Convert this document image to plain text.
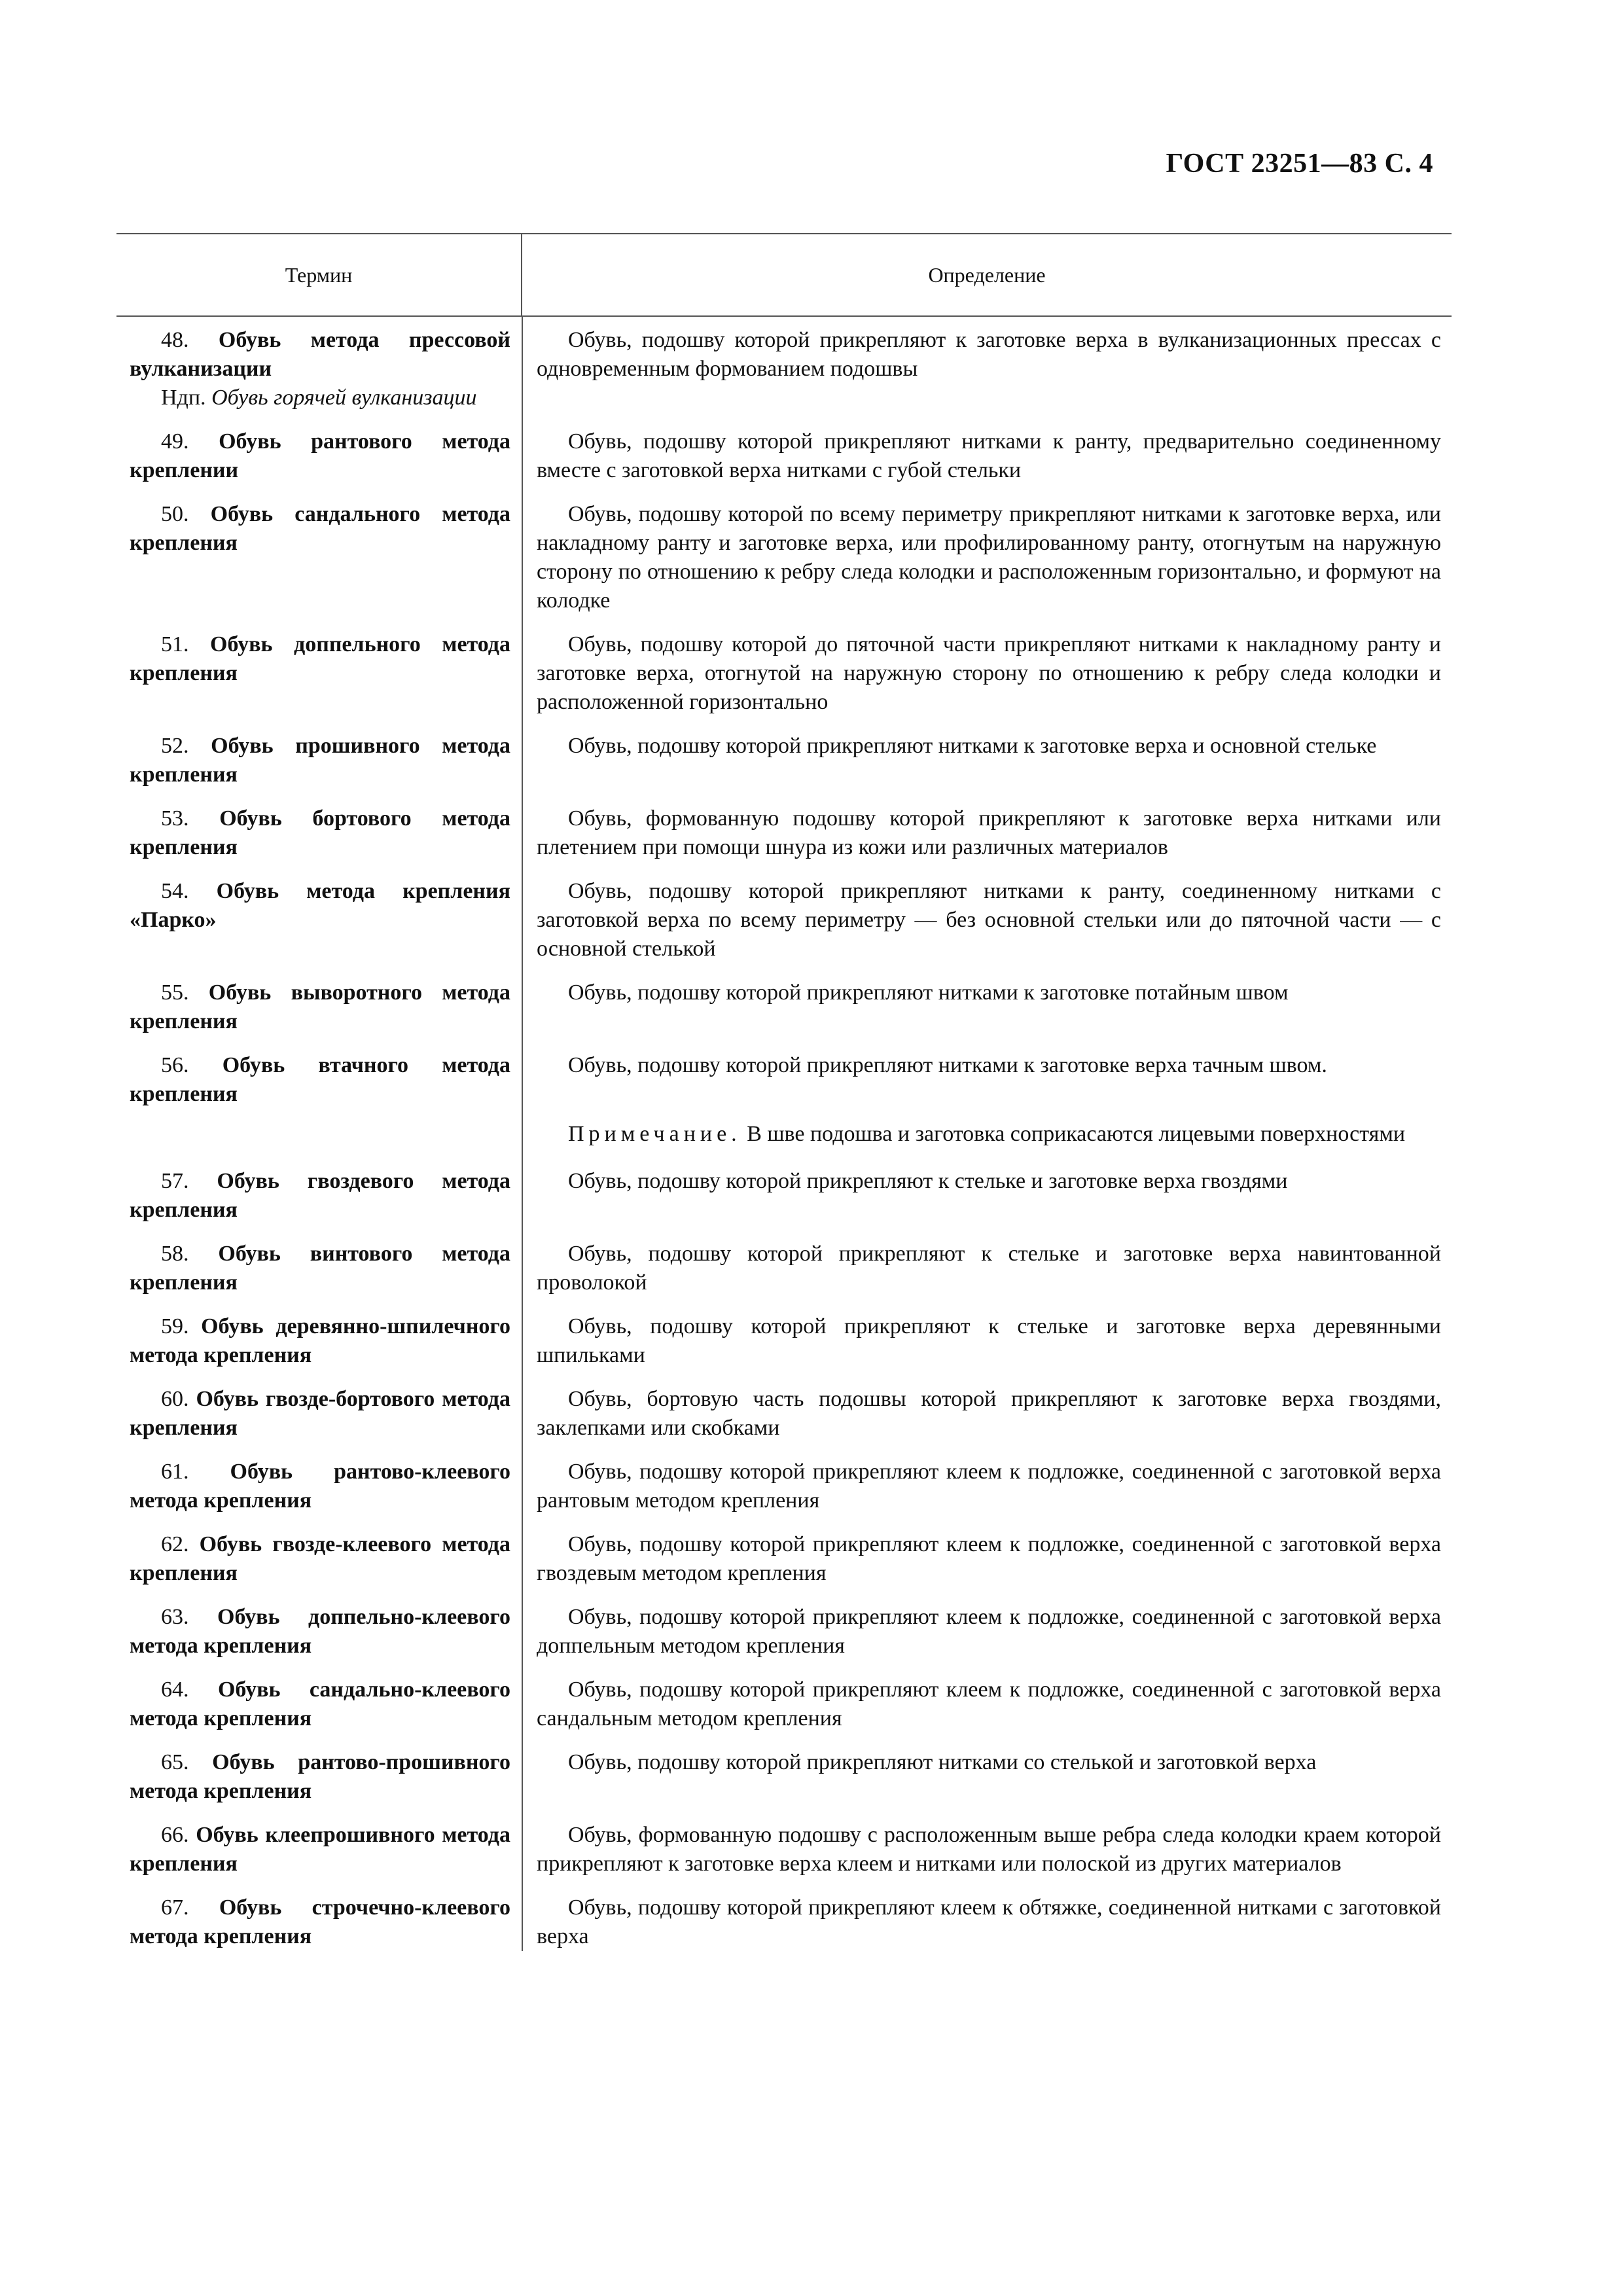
ГОСТ 23251—83 С. 4
Термин	Определение
48. Обувь метода прессовой вулканизации
Ндп. Обувь горячей вулканизации
Обувь, подошву которой прикрепляют к заготовке верха в вулканизационных прессах с одновременным формованием подошвы
49. Обувь рантового метода креплении
Обувь, подошву которой прикрепляют нитками к ранту, предварительно соединенному вместе с заготовкой верха нитками с губой стельки
50. Обувь сандального метода крепления
Обувь, подошву которой по всему периметру прикрепляют нитками к заготовке верха, или накладному ранту и заготовке верха, или профилированному ранту, отогнутым на наружную сторону по отношению к ребру следа колодки и расположенным горизонтально, и формуют на колодке
51. Обувь доппельного метода крепления
Обувь, подошву которой до пяточной части прикрепляют нитками к накладному ранту и заготовке верха, отогнутой на наружную сторону по отношению к ребру следа колодки и расположенной горизонтально
52. Обувь прошивного метода крепления
Обувь, подошву которой прикрепляют нитками к заготовке верха и основной стельке
53. Обувь бортового метода крепления
Обувь, формованную подошву которой прикрепляют к заготовке верха нитками или плетением при помощи шнура из кожи или различных материалов
54. Обувь метода крепления «Парко»
Обувь, подошву которой прикрепляют нитками к ранту, соединенному нитками с заготовкой верха по всему периметру — без основной стельки или до пяточной части — с основной стелькой
55. Обувь выворотного метода крепления
Обувь, подошву которой прикрепляют нитками к заготовке потайным швом
56. Обувь втачного метода крепления
Обувь, подошву которой прикрепляют нитками к заготовке верха тачным швом.
Примечание. В шве подошва и заготовка соприкасаются лицевыми поверхностями
57. Обувь гвоздевого метода крепления
Обувь, подошву которой прикрепляют к стельке и заготовке верха гвоздями
58. Обувь винтового метода крепления
Обувь, подошву которой прикрепляют к стельке и заготовке верха навинтованной проволокой
59. Обувь деревянно-шпилечного метода крепления
Обувь, подошву которой прикрепляют к стельке и заготовке верха деревянными шпильками
60. Обувь гвозде-бортового метода крепления
Обувь, бортовую часть подошвы которой прикрепляют к заготовке верха гвоздями, заклепками или скобками
61. Обувь рантово-клеевого метода крепления
Обувь, подошву которой прикрепляют клеем к подложке, соединенной с заготовкой верха рантовым методом крепления
62. Обувь гвозде-клеевого метода крепления
Обувь, подошву которой прикрепляют клеем к подложке, соединенной с заготовкой верха гвоздевым методом крепления
63. Обувь доппельно-клеевого метода крепления
Обувь, подошву которой прикрепляют клеем к подложке, соединенной с заготовкой верха доппельным методом крепления
64. Обувь сандально-клеевого метода крепления
Обувь, подошву которой прикрепляют клеем к подложке, соединенной с заготовкой верха сандальным методом крепления
65. Обувь рантово-прошивного метода крепления
Обувь, подошву которой прикрепляют нитками со стелькой и заготовкой верха
66. Обувь клеепрошивного метода крепления
Обувь, формованную подошву с расположенным выше ребра следа колодки краем которой прикрепляют к заготовке верха клеем и нитками или полоской из других материалов
67. Обувь строчечно-клеевого метода крепления
Обувь, подошву которой прикрепляют клеем к обтяжке, соединенной нитками с заготовкой верха
